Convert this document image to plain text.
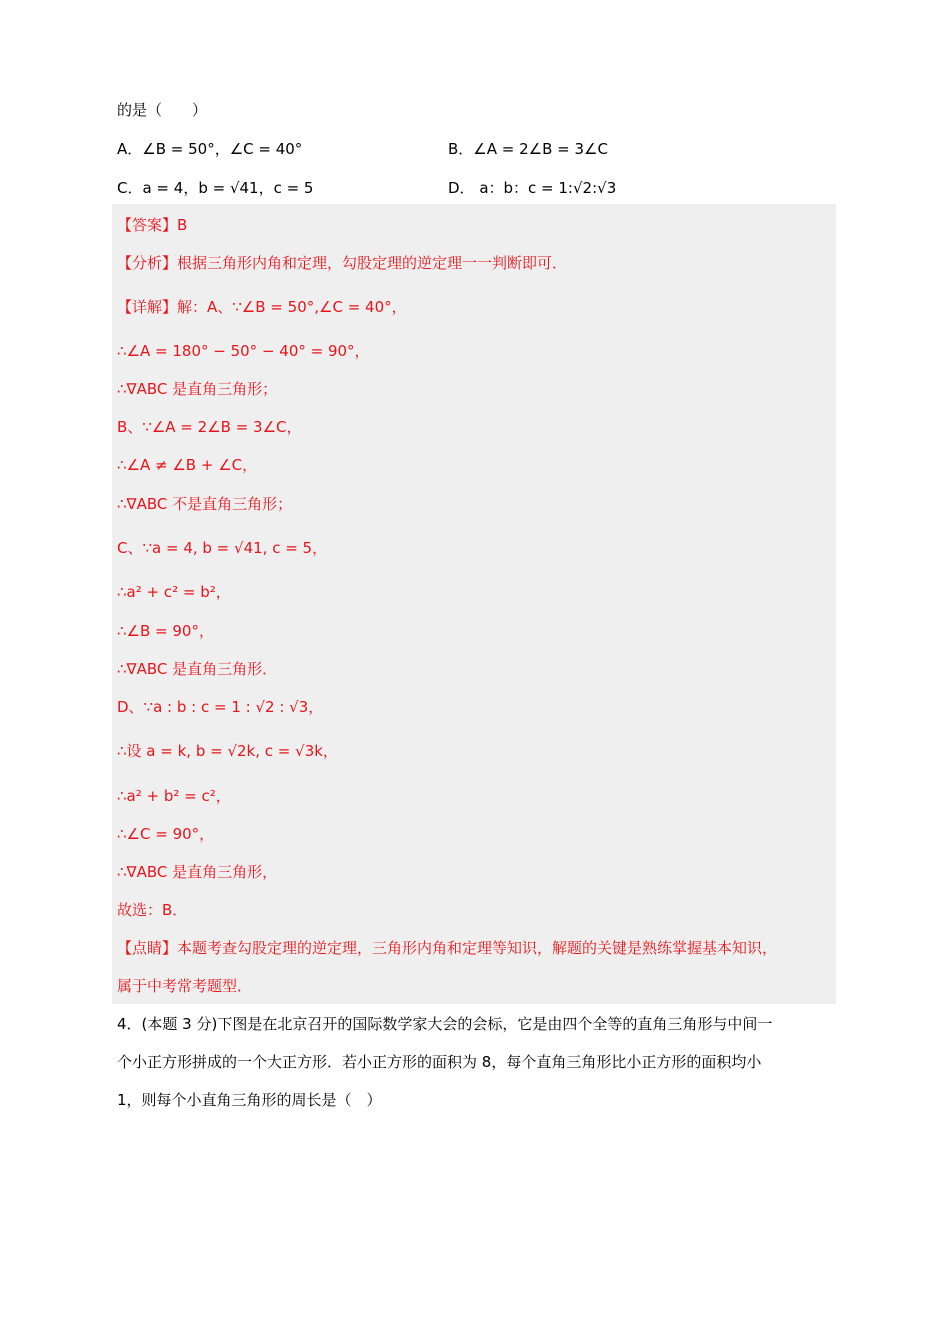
的是（　　）
A．∠B = 50°，∠C = 40°	B．∠A = 2∠B = 3∠C
C．a = 4，b = √41，c = 5	D． a：b：c = 1:√2:√3
【答案】B
【分析】根据三角形内角和定理，勾股定理的逆定理一一判断即可．
【详解】解：A、∵∠B = 50°,∠C = 40°，
∴∠A = 180° − 50° − 40° = 90°，
∴∇ABC 是直角三角形；
B、∵∠A = 2∠B = 3∠C，
∴∠A ≠ ∠B + ∠C，
∴∇ABC 不是直角三角形；
C、∵a = 4, b = √41, c = 5，
∴a² + c² = b²，
∴∠B = 90°，
∴∇ABC 是直角三角形．
D、∵a : b : c = 1 : √2 : √3，
∴设 a = k, b = √2k, c = √3k，
∴a² + b² = c²，
∴∠C = 90°，
∴∇ABC 是直角三角形，
故选：B．
【点睛】本题考查勾股定理的逆定理，三角形内角和定理等知识，解题的关键是熟练掌握基本知识，
属于中考常考题型．
4．(本题 3 分)下图是在北京召开的国际数学家大会的会标，它是由四个全等的直角三角形与中间一
个小正方形拼成的一个大正方形．若小正方形的面积为 8，每个直角三角形比小正方形的面积均小
1，则每个小直角三角形的周长是（　）
